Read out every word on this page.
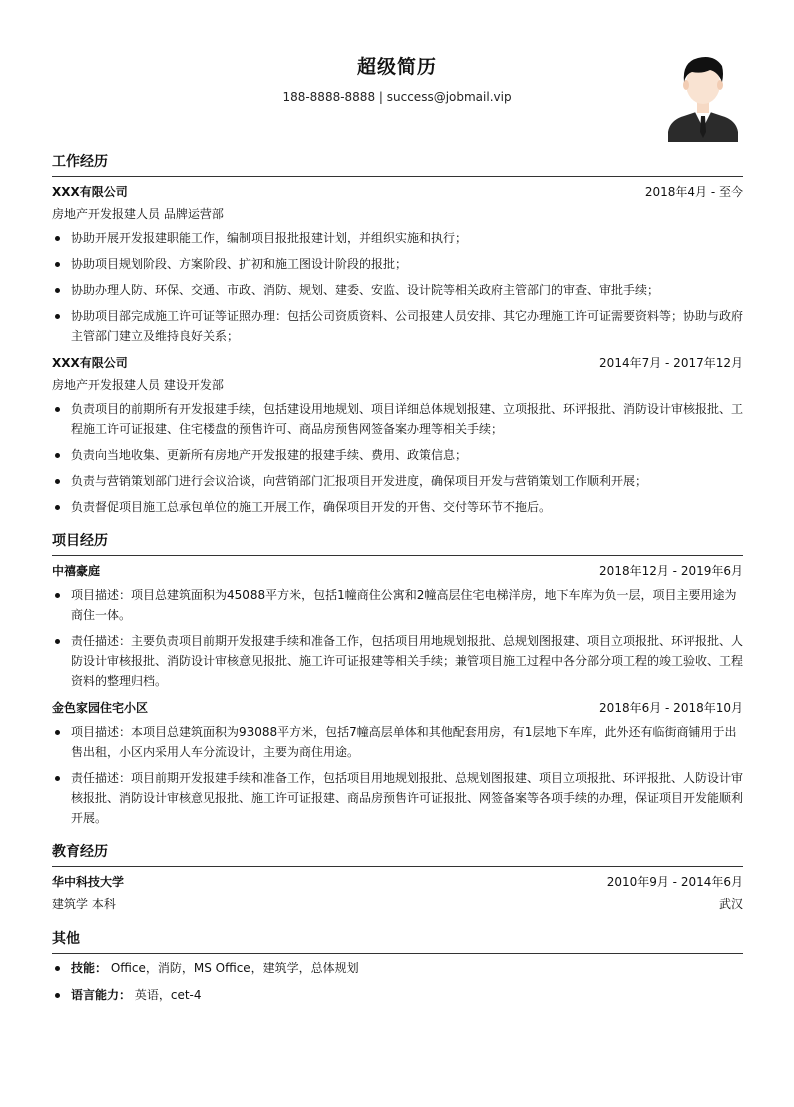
超级简历
188-8888-8888 | success@jobmail.vip
工作经历
XXX有限公司	2018年4月 - 至今
房地产开发报建人员 品牌运营部
协助开展开发报建职能工作，编制项目报批报建计划，并组织实施和执行；
协助项目规划阶段、方案阶段、扩初和施工图设计阶段的报批；
协助办理人防、环保、交通、市政、消防、规划、建委、安监、设计院等相关政府主管部门的审查、审批手续；
协助项目部完成施工许可证等证照办理：包括公司资质资料、公司报建人员安排、其它办理施工许可证需要资料等；协助与政府主管部门建立及维持良好关系；
XXX有限公司	2014年7月 - 2017年12月
房地产开发报建人员 建设开发部
负责项目的前期所有开发报建手续，包括建设用地规划、项目详细总体规划报建、立项报批、环评报批、消防设计审核报批、工程施工许可证报建、住宅楼盘的预售许可、商品房预售网签备案办理等相关手续；
负责向当地收集、更新所有房地产开发报建的报建手续、费用、政策信息；
负责与营销策划部门进行会议洽谈，向营销部门汇报项目开发进度，确保项目开发与营销策划工作顺利开展；
负责督促项目施工总承包单位的施工开展工作，确保项目开发的开售、交付等环节不拖后。
项目经历
中禧豪庭	2018年12月 - 2019年6月
项目描述：项目总建筑面积为45088平方米，包括1幢商住公寓和2幢高层住宅电梯洋房，地下车库为负一层，项目主要用途为商住一体。
责任描述：主要负责项目前期开发报建手续和准备工作，包括项目用地规划报批、总规划图报建、项目立项报批、环评报批、人防设计审核报批、消防设计审核意见报批、施工许可证报建等相关手续；兼管项目施工过程中各分部分项工程的竣工验收、工程资料的整理归档。
金色家园住宅小区	2018年6月 - 2018年10月
项目描述：本项目总建筑面积为93088平方米，包括7幢高层单体和其他配套用房，有1层地下车库，此外还有临街商铺用于出售出租，小区内采用人车分流设计，主要为商住用途。
责任描述：项目前期开发报建手续和准备工作，包括项目用地规划报批、总规划图报建、项目立项报批、环评报批、人防设计审核报批、消防设计审核意见报批、施工许可证报建、商品房预售许可证报批、网签备案等各项手续的办理，保证项目开发能顺利开展。
教育经历
华中科技大学	2010年9月 - 2014年6月
建筑学 本科	武汉
其他
技能： Office，消防，MS Office，建筑学，总体规划
语言能力： 英语，cet-4
